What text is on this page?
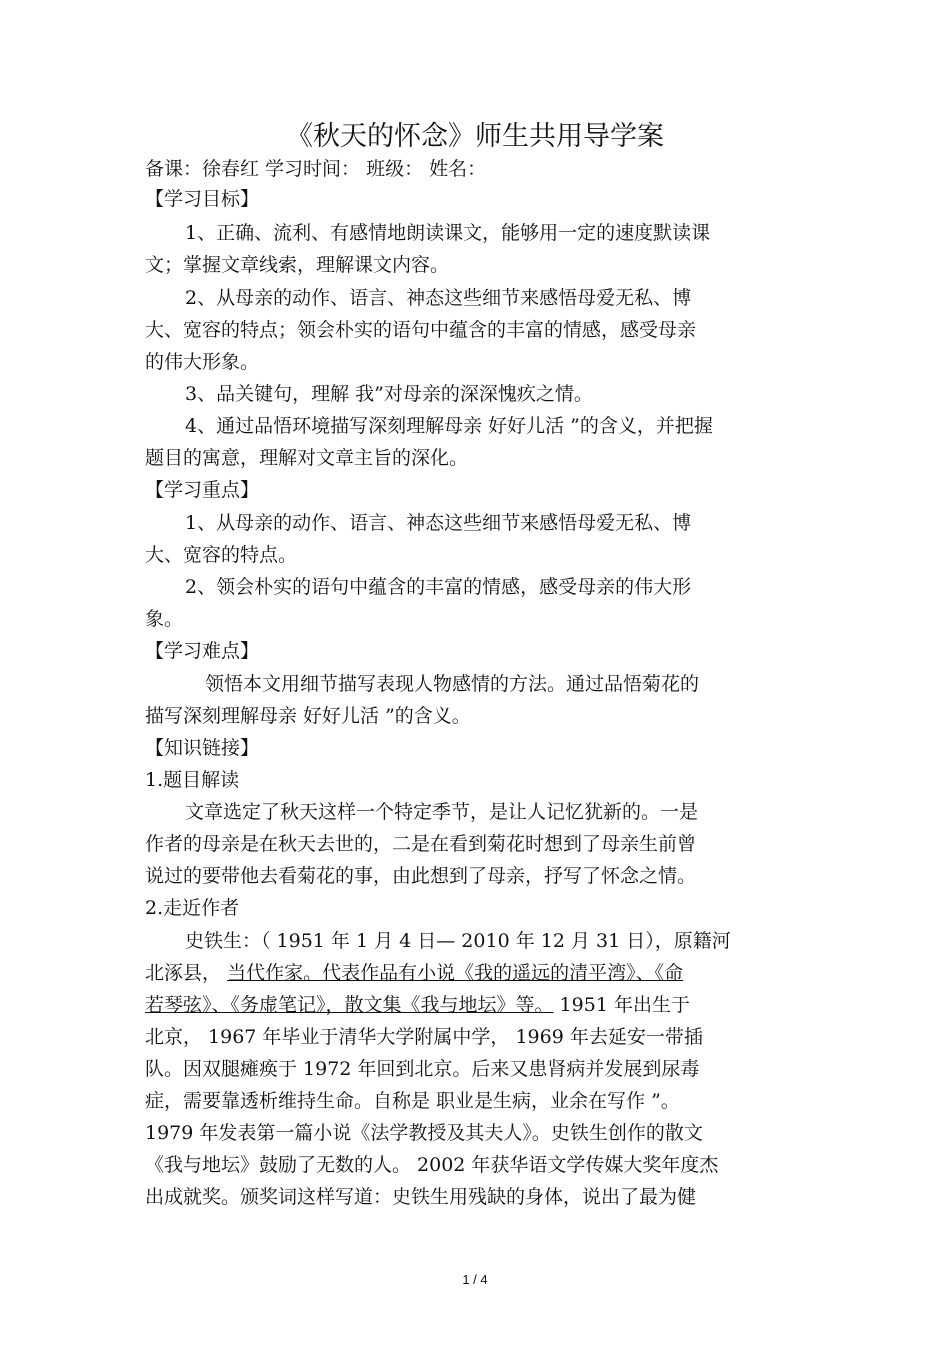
《秋天的怀念》师生共用导学案
备课：徐春红 学习时间： 班级： 姓名：
【学习目标】
1、正确、流利、有感情地朗读课文，能够用一定的速度默读课
文；掌握文章线索，理解课文内容。
2、从母亲的动作、语言、神态这些细节来感悟母爱无私、博
大、宽容的特点；领会朴实的语句中蕴含的丰富的情感，感受母亲
的伟大形象。
3、品关键句，理解 我”对母亲的深深愧疚之情。
4、通过品悟环境描写深刻理解母亲 好好儿活 ”的含义，并把握
题目的寓意，理解对文章主旨的深化。
【学习重点】
1、从母亲的动作、语言、神态这些细节来感悟母爱无私、博
大、宽容的特点。
2、领会朴实的语句中蕴含的丰富的情感，感受母亲的伟大形
象。
【学习难点】
领悟本文用细节描写表现人物感情的方法。通过品悟菊花的
描写深刻理解母亲 好好儿活 ”的含义。
【知识链接】
1.题目解读
文章选定了秋天这样一个特定季节，是让人记忆犹新的。一是
作者的母亲是在秋天去世的，二是在看到菊花时想到了母亲生前曾
说过的要带他去看菊花的事，由此想到了母亲，抒写了怀念之情。
2.走近作者
史铁生：（ 1951 年 1 月 4 日— 2010 年 12 月 31 日），原籍河
北涿县， 当代作家。代表作品有小说《我的遥远的清平湾》、《命
若琴弦》、《务虚笔记》，散文集《我与地坛》等。 1951 年出生于
北京， 1967 年毕业于清华大学附属中学， 1969 年去延安一带插
队。因双腿瘫痪于 1972 年回到北京。后来又患肾病并发展到尿毒
症，需要靠透析维持生命。自称是 职业是生病，业余在写作 ”。
1979 年发表第一篇小说《法学教授及其夫人》。史铁生创作的散文
《我与地坛》鼓励了无数的人。 2002 年获华语文学传媒大奖年度杰
出成就奖。颁奖词这样写道：史铁生用残缺的身体，说出了最为健
1 / 4
